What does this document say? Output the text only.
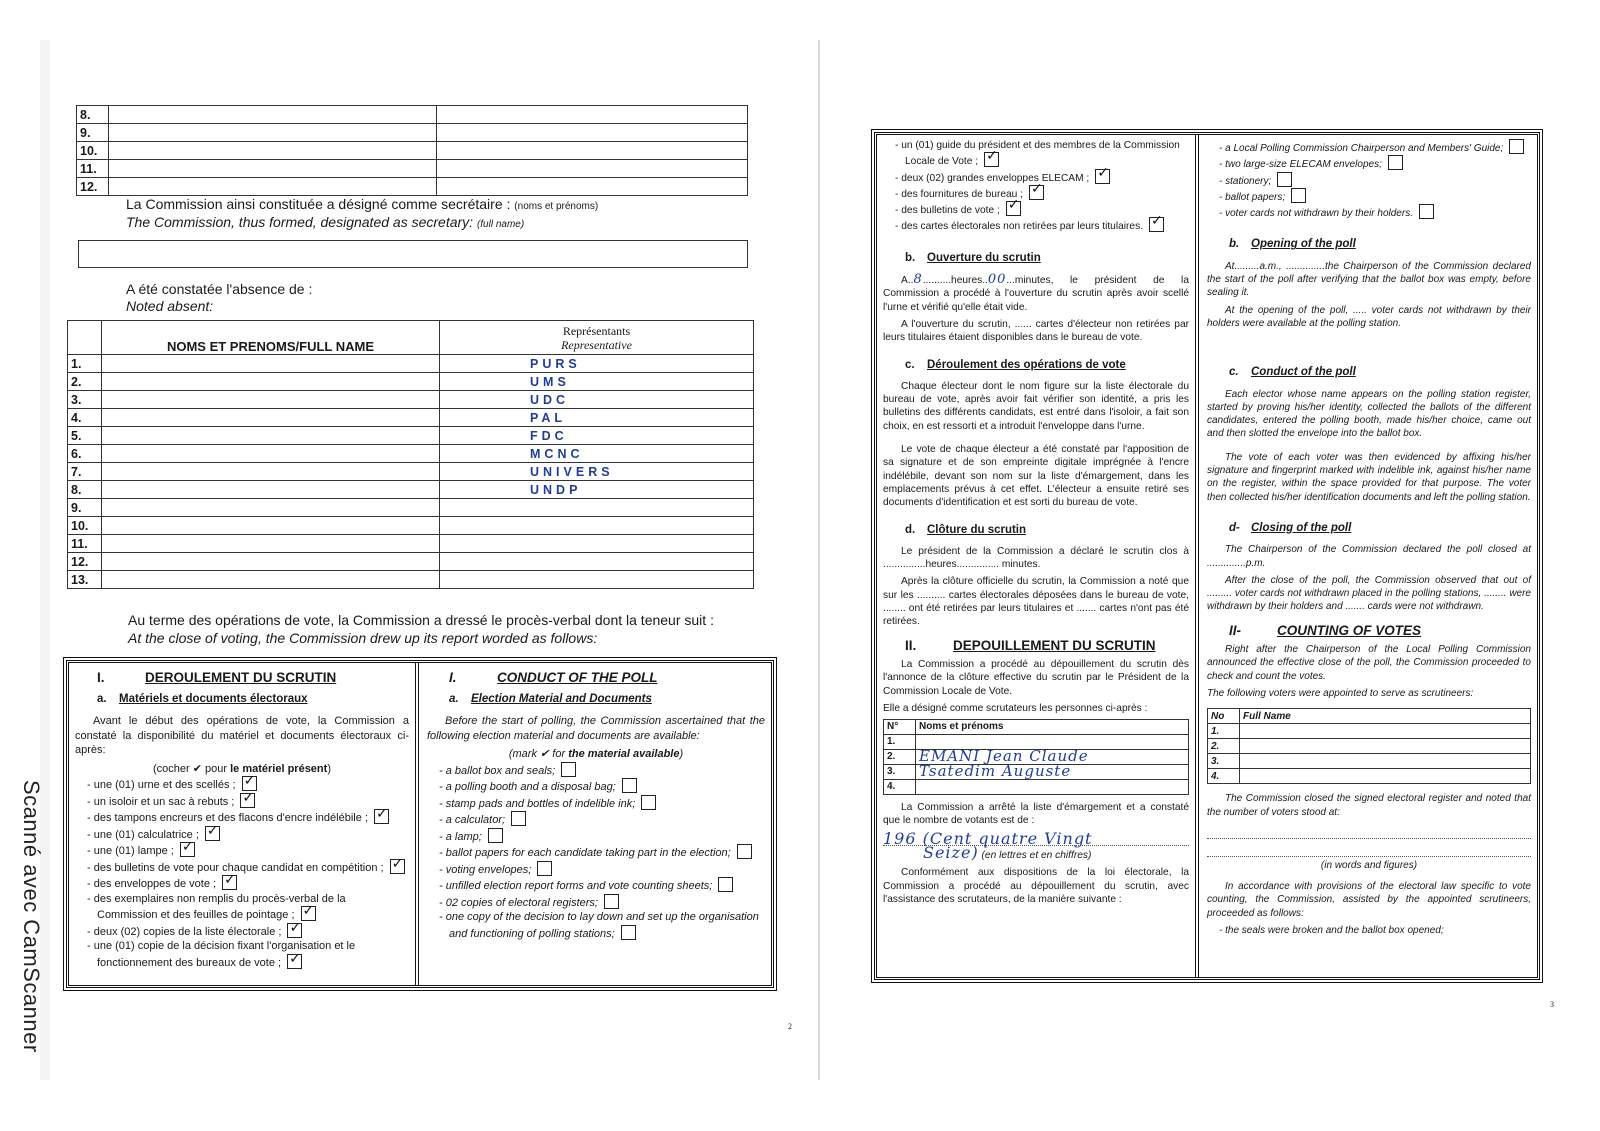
Scanné avec CamScanner
8.		
9.		
10.		
11.		
12.		
La Commission ainsi constituée a désigné comme secrétaire : (noms et prénoms)
The Commission, thus formed, designated as secretary: (full name)
A été constatée l'absence de :
Noted absent:
	NOMS ET PRENOMS/FULL NAME	Représentants
Representative

1.		PURS
2.		UMS
3.		UDC
4.		PAL
5.		FDC
6.		MCNC
7.		UNIVERS
8.		UNDP
9.		
10.		
11.		
12.		
13.		
Au terme des opérations de vote, la Commission a dressé le procès-verbal dont la teneur suit :
At the close of voting, the Commission drew up its report worded as follows:
I.	DEROULEMENT DU SCRUTIN
a. Matériels et documents électoraux
Avant le début des opérations de vote, la Commission a constaté la disponibilité du matériel et documents électoraux ci-après:
(cocher ✔ pour le matériel présent)
- une (01) urne et des scellés ;✓
- un isoloir et un sac à rebuts ;✓
- des tampons encreurs et des flacons d'encre indélébile ;✓
- une (01) calculatrice ;✓
- une (01) lampe ;✓
- des bulletins de vote pour chaque candidat en compétition ;✓
- des enveloppes de vote ;✓
- des exemplaires non remplis du procès-verbal de la Commission et des feuilles de pointage ;✓
- deux (02) copies de la liste électorale ;✓
- une (01) copie de la décision fixant l'organisation et le fonctionnement des bureaux de vote ;✓
I.	CONDUCT OF THE POLL
a. Election Material and Documents
Before the start of polling, the Commission ascertained that the following election material and documents are available:
(mark ✔ for the material available)
- a ballot box and seals;
- a polling booth and a disposal bag;
- stamp pads and bottles of indelible ink;
- a calculator;
- a lamp;
- ballot papers for each candidate taking part in the election;
- voting envelopes;
- unfilled election report forms and vote counting sheets;
- 02 copies of electoral registers;
- one copy of the decision to lay down and set up the organisation and functioning of polling stations;
2
- un (01) guide du président et des membres de la Commission Locale de Vote ;✓
- deux (02) grandes enveloppes ELECAM ;✓
- des fournitures de bureau ;✓
- des bulletins de vote ;✓
- des cartes électorales non retirées par leurs titulaires.✓
b. Ouverture du scrutin
A..8..........heures..00...minutes, le président de la Commission a procédé à l'ouverture du scrutin après avoir scellé l'urne et vérifié qu'elle était vide.
A l'ouverture du scrutin, ...... cartes d'électeur non retirées par leurs titulaires étaient disponibles dans le bureau de vote.
c. Déroulement des opérations de vote
Chaque électeur dont le nom figure sur la liste électorale du bureau de vote, après avoir fait vérifier son identité, a pris les bulletins des différents candidats, est entré dans l'isoloir, a fait son choix, en est ressorti et a introduit l'enveloppe dans l'urne.
Le vote de chaque électeur a été constaté par l'apposition de sa signature et de son empreinte digitale imprégnée à l'encre indélébile, devant son nom sur la liste d'émargement, dans les emplacements prévus à cet effet. L'électeur a ensuite retiré ses documents d'identification et est sorti du bureau de vote.
d. Clôture du scrutin
Le président de la Commission a déclaré le scrutin clos à ...............heures............... minutes.
Après la clôture officielle du scrutin, la Commission a noté que sur les .......... cartes électorales déposées dans le bureau de vote, ........ ont été retirées par leurs titulaires et ....... cartes n'ont pas été retirées.
II.	DEPOUILLEMENT DU SCRUTIN
La Commission a procédé au dépouillement du scrutin dès l'annonce de la clôture effective du scrutin par le Président de la Commission Locale de Vote.
Elle a désigné comme scrutateurs les personnes ci-après :
N°	Noms et prénoms
1.	
2.	EMANI Jean Claude
3.	Tsatedim Auguste
4.	
La Commission a arrêté la liste d'émargement et a constaté que le nombre de votants est de :
196 (Cent quatre Vingt
Seize) (en lettres et en chiffres)
Conformément aux dispositions de la loi électorale, la Commission a procédé au dépouillement du scrutin, avec l'assistance des scrutateurs, de la manière suivante :
- a Local Polling Commission Chairperson and Members' Guide;
- two large-size ELECAM envelopes;
- stationery;
- ballot papers;
- voter cards not withdrawn by their holders.
b. Opening of the poll
At.........a.m., ..............the Chairperson of the Commission declared the start of the poll after verifying that the ballot box was empty, before sealing it.
At the opening of the poll, ..... voter cards not withdrawn by their holders were available at the polling station.
c. Conduct of the poll
Each elector whose name appears on the polling station register, started by proving his/her identity, collected the ballots of the different candidates, entered the polling booth, made his/her choice, came out and then slotted the envelope into the ballot box.
The vote of each voter was then evidenced by affixing his/her signature and fingerprint marked with indelible ink, against his/her name on the register, within the space provided for that purpose. The voter then collected his/her identification documents and left the polling station.
d- Closing of the poll
The Chairperson of the Commission declared the poll closed at ..............p.m.
After the close of the poll, the Commission observed that out of ......... voter cards not withdrawn placed in the polling stations, ........ were withdrawn by their holders and ....... cards were not withdrawn.
II-	COUNTING OF VOTES
Right after the Chairperson of the Local Polling Commission announced the effective close of the poll, the Commission proceeded to check and count the votes.
The following voters were appointed to serve as scrutineers:
No	Full Name
1.	
2.	
3.	
4.	
The Commission closed the signed electoral register and noted that the number of voters stood at:
(in words and figures)
In accordance with provisions of the electoral law specific to vote counting, the Commission, assisted by the appointed scrutineers, proceeded as follows:
- the seals were broken and the ballot box opened;
3
